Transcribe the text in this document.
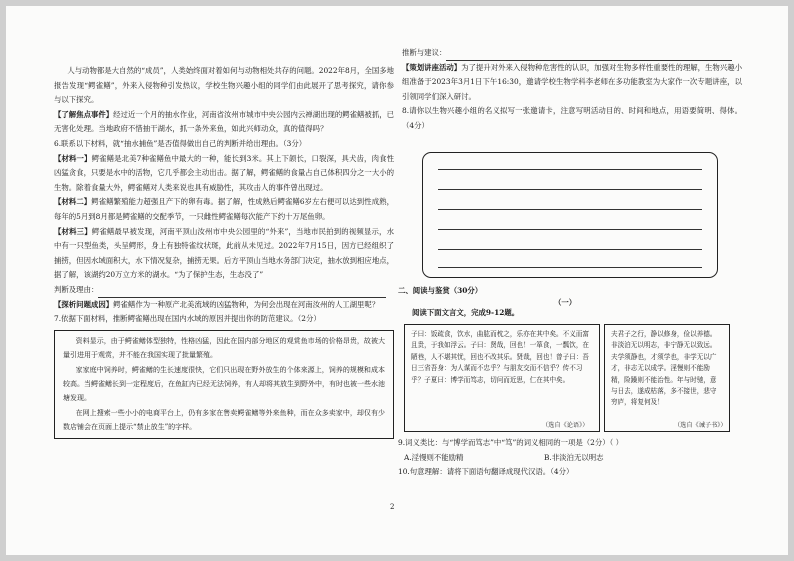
人与动物都是大自然的“成员”，人类始终面对着如何与动物相处共存的问题。2022年8月，全国多地报告发现“鳄雀鳝”，外来入侵物种引发热议，学校生物兴趣小组的同学们由此展开了思考探究，请你参与以下探究。

【了解焦点事件】经过近一个月的抽水作业，河南省汝州市城市中央公园内云禅湖出现的鳄雀鳝被抓，已无害化处理。当地政府不惜抽干湖水，抓一条外来鱼，如此兴师动众，真的值得吗？

6.联系以下材料，就“抽水捕鱼”是否值得做出自己的判断并给出理由。（3分）

【材料一】鳄雀鳝是北美7种雀鳝鱼中最大的一种，能长到3米。其上下颌长，口裂深，具犬齿，肉食性凶猛贪食，只要是水中的活物，它几乎都会主动出击。据了解，鳄雀鳝的食量占自己体积四分之一大小的生物。除着食量大外，鳄雀鳝对人类来说也具有威胁性，其攻击人的事件曾出现过。

【材料二】鳄雀鳝繁殖能力超强且产下的卵有毒。据了解，性成熟后鳄雀鳝6岁左右便可以达到性成熟，每年的5月到8月都是鳄雀鳝的交配季节，一只雌性鳄雀鳝每次能产下约十万尾鱼卵。

【材料三】鳄雀鳝最早被发现，河南平顶山汝州市中央公园里的“外来”，当地市民拍到的视频显示，水中有一只型鱼类，头呈鳄形，身上有独特雀纹状斑，此前从未见过。2022年7月15日，因方已经组织了捕捞，但因水域面积大，水下情况复杂，捕捞无果。后方平顶山当地水务部门决定，抽水放到相应地点，据了解，该湖约20万立方米的湖水。“为了保护生态，生态没了”

判断及理由：

【探析问题成因】鳄雀鳝作为一种原产北美流域的凶猛物种，为何会出现在河南汝州的人工湖里呢？

7.依据下面材料，推断鳄雀鳝出现在国内水域的原因并提出你的防范建议。（2分）

资料显示，由于鳄雀鳝体型独特，性格凶猛，因此在国内部分地区的观赏鱼市场的价格昂贵，故被大量引进用于观赏，并不能在我国实现了批量繁殖。

家家庭中饲养时，鳄雀鳝的生长速度很快，它们只出现在野外放生的个体来源上，饲养的规模和成本较高。当鳄雀鳝长到一定程度后，在鱼缸内已经无法饲养，有人却将其放生到野外中，有时也被一些水池塘发现。

在网上搜索一些小小的电商平台上，仍有多家在售卖鳄雀鳝等外来鱼种，而在众多卖家中，却仅有少数店铺会在页面上提示“禁止放生”的字样。

推断与建议：

【策划讲座活动】为了提升对外来入侵物种危害性的认识，加强对生物多样性重要性的理解，生物兴趣小组准备于2023年3月1日下午16:30，邀请学校生物学科李老师在多功能教室为大家作一次专题讲座，以引领同学们深入研讨。

8.请你以生物兴趣小组的名义拟写一张邀请卡，注意写明活动目的、时间和地点，用语要简明、得体。（4分）

二、阅读与鉴赏（30分）
（一）
阅读下面文言文，完成9-12题。
子曰：饭疏食，饮水，曲肱而枕之，乐亦在其中矣。不义而富且贵，于我如浮云。子曰：贤哉，回也！一箪食，一瓢饮，在陋巷，人不堪其忧，回也不改其乐。贤哉，回也！曾子曰：吾日三省吾身：为人谋而不忠乎？与朋友交而不信乎？传不习乎？子夏曰：博学而笃志，切问而近思，仁在其中矣。
（选自《论语》）
夫君子之行，静以修身，俭以养德。非淡泊无以明志，非宁静无以致远。夫学须静也，才须学也，非学无以广才，非志无以成学。淫慢则不能励精，险躁则不能治性。年与时驰，意与日去，遂成枯落，多不接世，悲守穷庐，将复何及！
（选自《诫子书》）

9.词义类比：与“博学而笃志”中“笃”的词义相同的一项是（2分）（ ）

A.淫慢则不能励精	B.非淡泊无以明志

10.句意理解：请将下面语句翻译成现代汉语。（4分）

2
